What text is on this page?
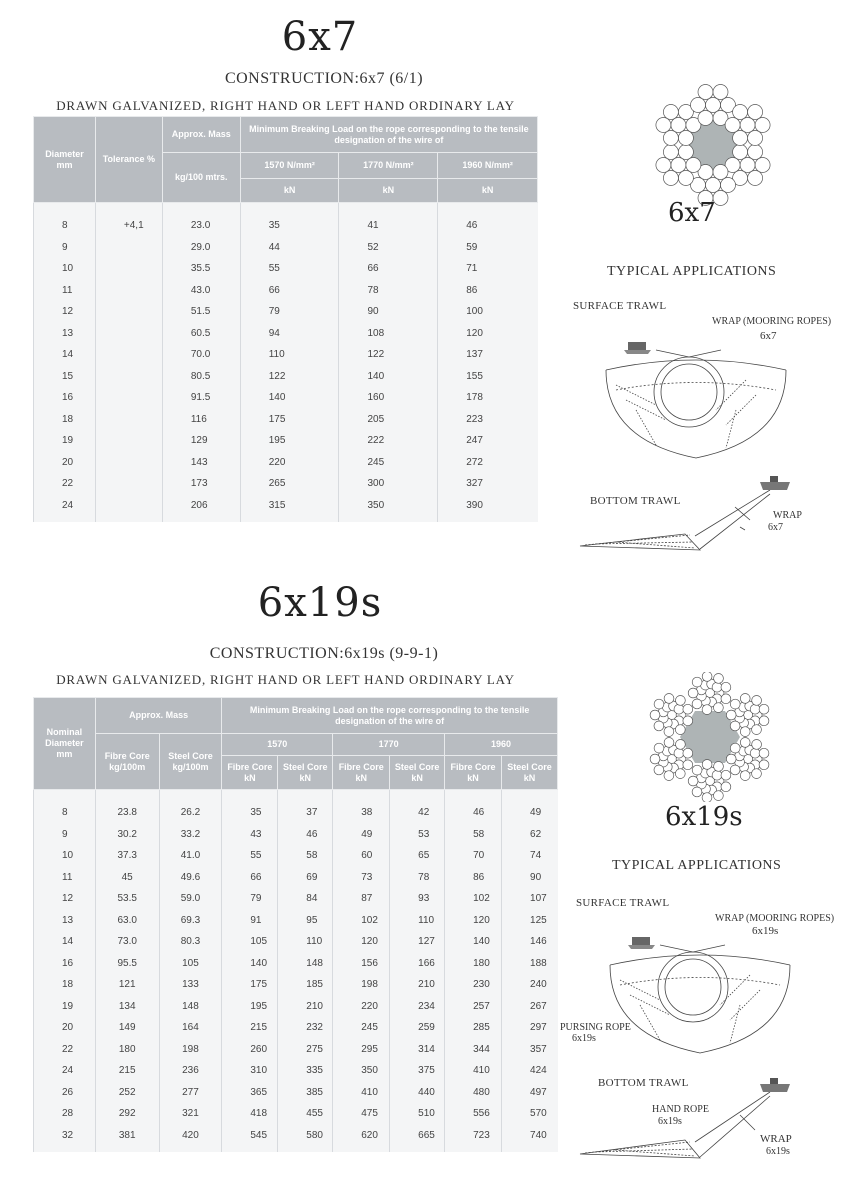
6x7
CONSTRUCTION:6x7 (6/1)
DRAWN GALVANIZED, RIGHT HAND OR LEFT HAND ORDINARY LAY
Diameter mm	Tolerance %	Approx. Mass	Minimum Breaking Load on the rope corresponding to the tensile designation of the wire of		
		kg/100 mtrs.	1570 N/mm²	1770 N/mm²	1960 N/mm²
			kN	kN	kN

8	+4,1	23.0	35	41	46
9		29.0	44	52	59
10		35.5	55	66	71
11		43.0	66	78	86
12		51.5	79	90	100
13		60.5	94	108	120
14		70.0	110	122	137
15		80.5	122	140	155
16		91.5	140	160	178
18		116	175	205	223
19		129	195	222	247
20		143	220	245	272
22		173	265	300	327
24		206	315	350	390

6x7
TYPICAL APPLICATIONS
SURFACE TRAWL
WRAP (MOORING ROPES)
6x7
BOTTOM TRAWL
WRAP
6x7
6x19s
CONSTRUCTION:6x19s (9-9-1)
DRAWN GALVANIZED, RIGHT HAND OR LEFT HAND ORDINARY LAY
Nominal Diameter mm	Approx. Mass		Minimum Breaking Load on the rope corresponding to the tensile designation of the wire of					
	Fibre Core kg/100m	Steel Core kg/100m	1570		1770		1960	
			Fibre Core kN	Steel Core kN	Fibre Core kN	Steel Core kN	Fibre Core kN	Steel Core kN

8	23.8	26.2	35	37	38	42	46	49
9	30.2	33.2	43	46	49	53	58	62
10	37.3	41.0	55	58	60	65	70	74
11	45	49.6	66	69	73	78	86	90
12	53.5	59.0	79	84	87	93	102	107
13	63.0	69.3	91	95	102	110	120	125
14	73.0	80.3	105	110	120	127	140	146
16	95.5	105	140	148	156	166	180	188
18	121	133	175	185	198	210	230	240
19	134	148	195	210	220	234	257	267
20	149	164	215	232	245	259	285	297
22	180	198	260	275	295	314	344	357
24	215	236	310	335	350	375	410	424
26	252	277	365	385	410	440	480	497
28	292	321	418	455	475	510	556	570
32	381	420	545	580	620	665	723	740

6x19s
TYPICAL APPLICATIONS
SURFACE TRAWL
WRAP (MOORING ROPES)
6x19s
PURSING ROPE
6x19s
BOTTOM TRAWL
HAND ROPE
6x19s
WRAP
6x19s
